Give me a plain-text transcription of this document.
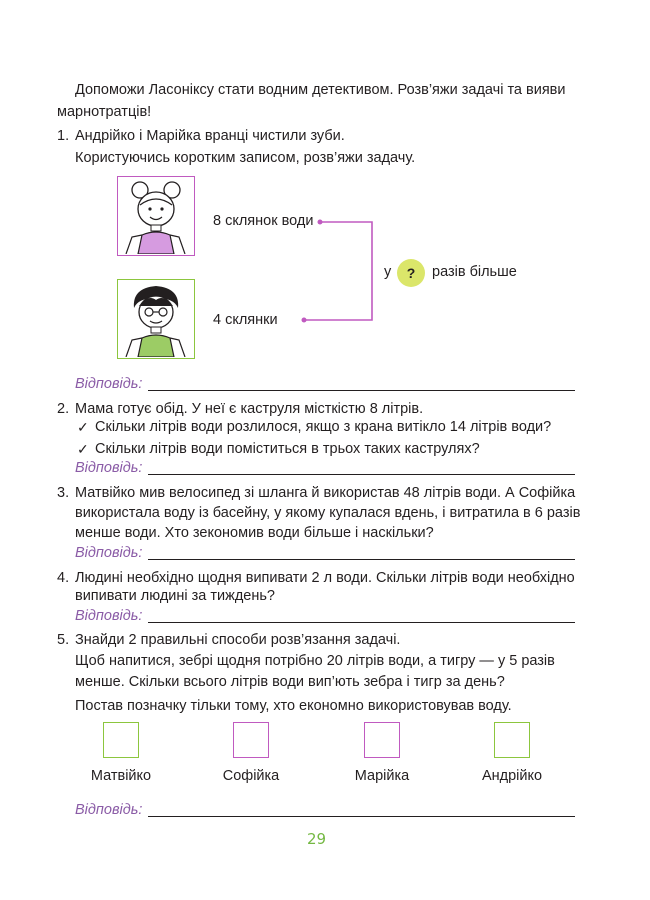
Допоможи Ласоніксу стати водним детективом. Розв’яжи задачі та вияви
марнотратців!
1. Андрійко і Марійка вранці чистили зуби.
Користуючись коротким записом, розв’яжи задачу.
8 склянок води
4 склянки
у	?	разів більше
Відповідь:
2. Мама готує обід. У неї є каструля місткістю 8 літрів.
✓ Скільки літрів води розлилося, якщо з крана витікло 14 літрів води?
✓ Скільки літрів води поміститься в трьох таких каструлях?
Відповідь:
3. Матвійко мив велосипед зі шланга й використав 48 літрів води. А Софійка
використала воду із басейну, у якому купалася вдень, і витратила в 6 разів
менше води. Хто зекономив води більше і наскільки?
Відповідь:
4. Людині необхідно щодня випивати 2 л води. Скільки літрів води необхідно
випивати людині за тиждень?
Відповідь:
5. Знайди 2 правильні способи розв’язання задачі.
Щоб напитися, зебрі щодня потрібно 20 літрів води, а тигру — у 5 разів
менше. Скільки всього літрів води вип’ють зебра і тигр за день?
Постав позначку тільки тому, хто економно використовував воду.
Матвійко	Софійка	Марійка	Андрійко
Відповідь:
29
